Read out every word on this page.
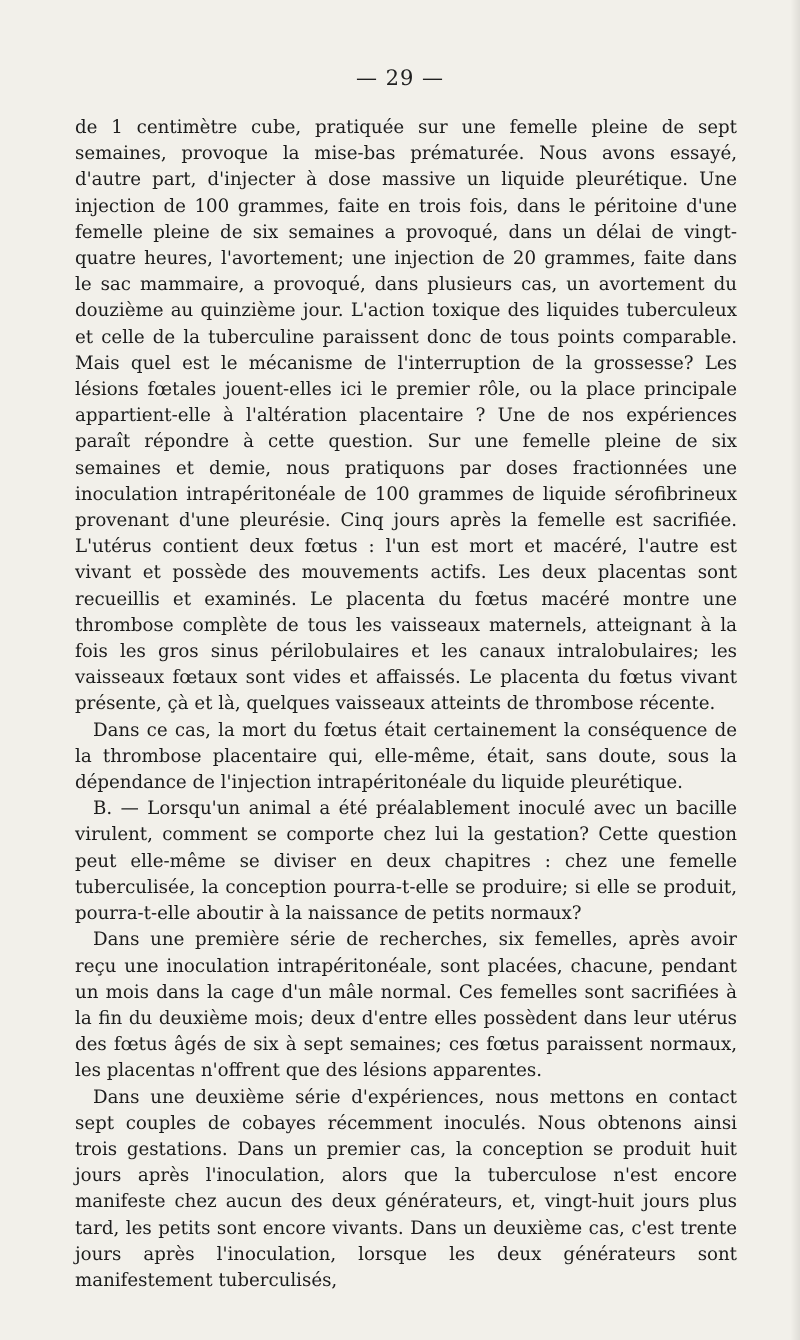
— 29 —

de 1 centimètre cube, pratiquée sur une femelle pleine de sept semaines, provoque la mise-bas prématurée. Nous avons essayé, d'autre part, d'injecter à dose massive un liquide pleurétique. Une injection de 100 grammes, faite en trois fois, dans le péritoine d'une femelle pleine de six semaines a provoqué, dans un délai de vingt-quatre heures, l'avortement; une injection de 20 grammes, faite dans le sac mammaire, a provoqué, dans plusieurs cas, un avortement du douzième au quinzième jour. L'action toxique des liquides tuberculeux et celle de la tuberculine paraissent donc de tous points comparable. Mais quel est le mécanisme de l'interruption de la grossesse? Les lésions fœtales jouent-elles ici le premier rôle, ou la place principale appartient-elle à l'altération placentaire ? Une de nos expériences paraît répondre à cette question. Sur une femelle pleine de six semaines et demie, nous pratiquons par doses fractionnées une inoculation intrapéritonéale de 100 grammes de liquide sérofibrineux provenant d'une pleurésie. Cinq jours après la femelle est sacrifiée. L'utérus contient deux fœtus : l'un est mort et macéré, l'autre est vivant et possède des mouvements actifs. Les deux placentas sont recueillis et examinés. Le placenta du fœtus macéré montre une thrombose complète de tous les vaisseaux maternels, atteignant à la fois les gros sinus périlobulaires et les canaux intralobulaires; les vaisseaux fœtaux sont vides et affaissés. Le placenta du fœtus vivant présente, çà et là, quelques vaisseaux atteints de thrombose récente.

Dans ce cas, la mort du fœtus était certainement la conséquence de la thrombose placentaire qui, elle-même, était, sans doute, sous la dépendance de l'injection intrapéritonéale du liquide pleurétique.

B. — Lorsqu'un animal a été préalablement inoculé avec un bacille virulent, comment se comporte chez lui la gestation? Cette question peut elle-même se diviser en deux chapitres : chez une femelle tuberculisée, la conception pourra-t-elle se produire; si elle se produit, pourra-t-elle aboutir à la naissance de petits normaux?

Dans une première série de recherches, six femelles, après avoir reçu une inoculation intrapéritonéale, sont placées, chacune, pendant un mois dans la cage d'un mâle normal. Ces femelles sont sacrifiées à la fin du deuxième mois; deux d'entre elles possèdent dans leur utérus des fœtus âgés de six à sept semaines; ces fœtus paraissent normaux, les placentas n'offrent que des lésions apparentes.

Dans une deuxième série d'expériences, nous mettons en contact sept couples de cobayes récemment inoculés. Nous obtenons ainsi trois gestations. Dans un premier cas, la conception se produit huit jours après l'inoculation, alors que la tuberculose n'est encore manifeste chez aucun des deux générateurs, et, vingt-huit jours plus tard, les petits sont encore vivants. Dans un deuxième cas, c'est trente jours après l'inoculation, lorsque les deux générateurs sont manifestement tuberculisés,
